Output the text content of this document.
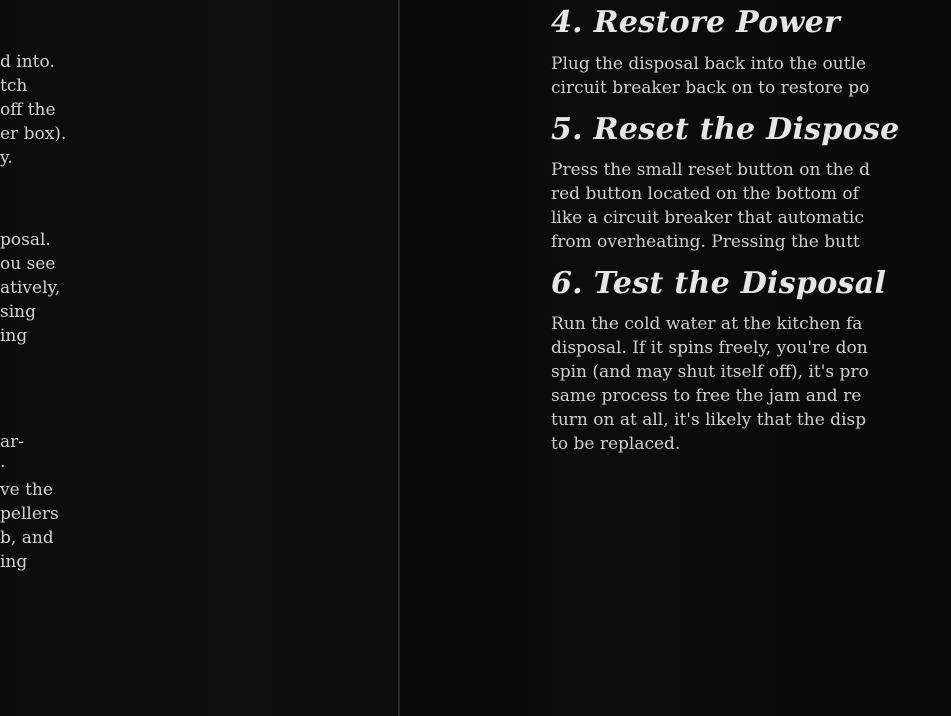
d into.
tch
off the
er box).
y.
posal.
ou see
atively,
sing
ing
ar-
.
ve the
pellers
b, and
ing
4. Restore Power
Plug the disposal back into the outle
circuit breaker back on to restore po
5. Reset the Dispose
Press the small reset button on the d
red button located on the bottom of
like a circuit breaker that automatic
from overheating. Pressing the butt
6. Test the Disposal
Run the cold water at the kitchen fa
disposal. If it spins freely, you're don
spin (and may shut itself off), it's pro
same process to free the jam and re
turn on at all, it's likely that the disp
to be replaced.
